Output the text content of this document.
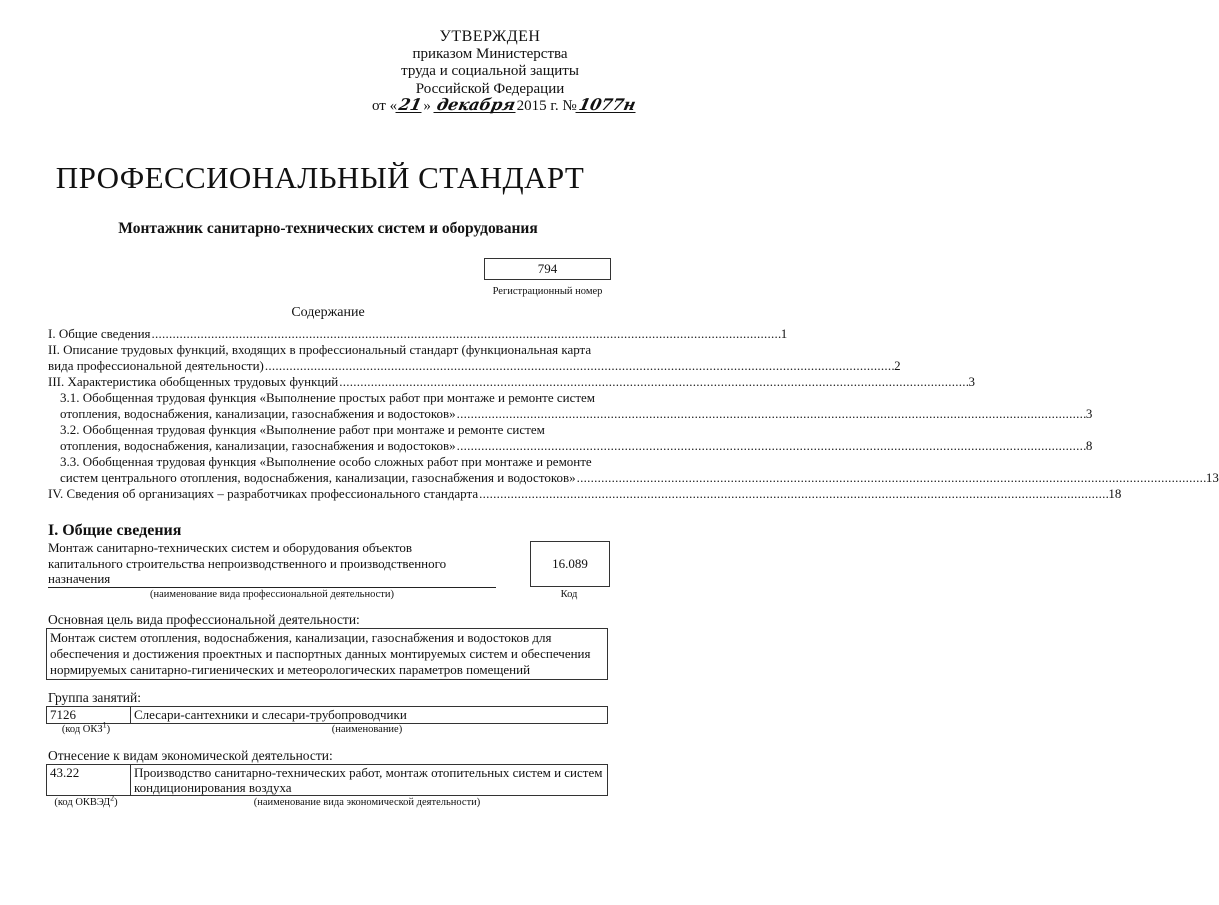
УТВЕРЖДЕН
приказом Министерства
труда и социальной защиты
Российской Федерации
от «21» декабря2015 г. №1077н
ПРОФЕССИОНАЛЬНЫЙ СТАНДАРТ
Монтажник санитарно-технических систем и оборудования
794
Регистрационный номер
Содержание
I. Общие сведения . . .	1
II. Описание трудовых функций, входящих в профессиональный стандарт (функциональная карта
вида профессиональной деятельности) . . .	2
III. Характеристика обобщенных трудовых функций . . .	3
3.1. Обобщенная трудовая функция «Выполнение простых работ при монтаже и ремонте систем
отопления, водоснабжения, канализации, газоснабжения и водостоков» . . .	3
3.2. Обобщенная трудовая функция «Выполнение работ при монтаже и ремонте систем
отопления, водоснабжения, канализации, газоснабжения и водостоков» . . .	8
3.3. Обобщенная трудовая функция «Выполнение особо сложных работ при монтаже и ремонте
систем центрального отопления, водоснабжения, канализации, газоснабжения и водостоков» . . .	13
IV. Сведения об организациях – разработчиках профессионального стандарта . . .	18
I. Общие сведения
Монтаж санитарно-технических систем и оборудования объектов капитального строительства непроизводственного и производственного назначения
(наименование вида профессиональной деятельности)
16.089
Код
Основная цель вида профессиональной деятельности:
Монтаж систем отопления, водоснабжения, канализации, газоснабжения и водостоков для обеспечения и достижения проектных и паспортных данных монтируемых систем и обеспечения нормируемых санитарно-гигиенических и метеорологических параметров помещений
Группа занятий:
7126	Слесари-сантехники и слесари-трубопроводчики
(код ОКЗ$^1$)	(наименование)
Отнесение к видам экономической деятельности:
43.22	Производство санитарно-технических работ, монтаж отопительных систем и систем кондиционирования воздуха
(код ОКВЭД$^2$)	(наименование вида экономической деятельности)
